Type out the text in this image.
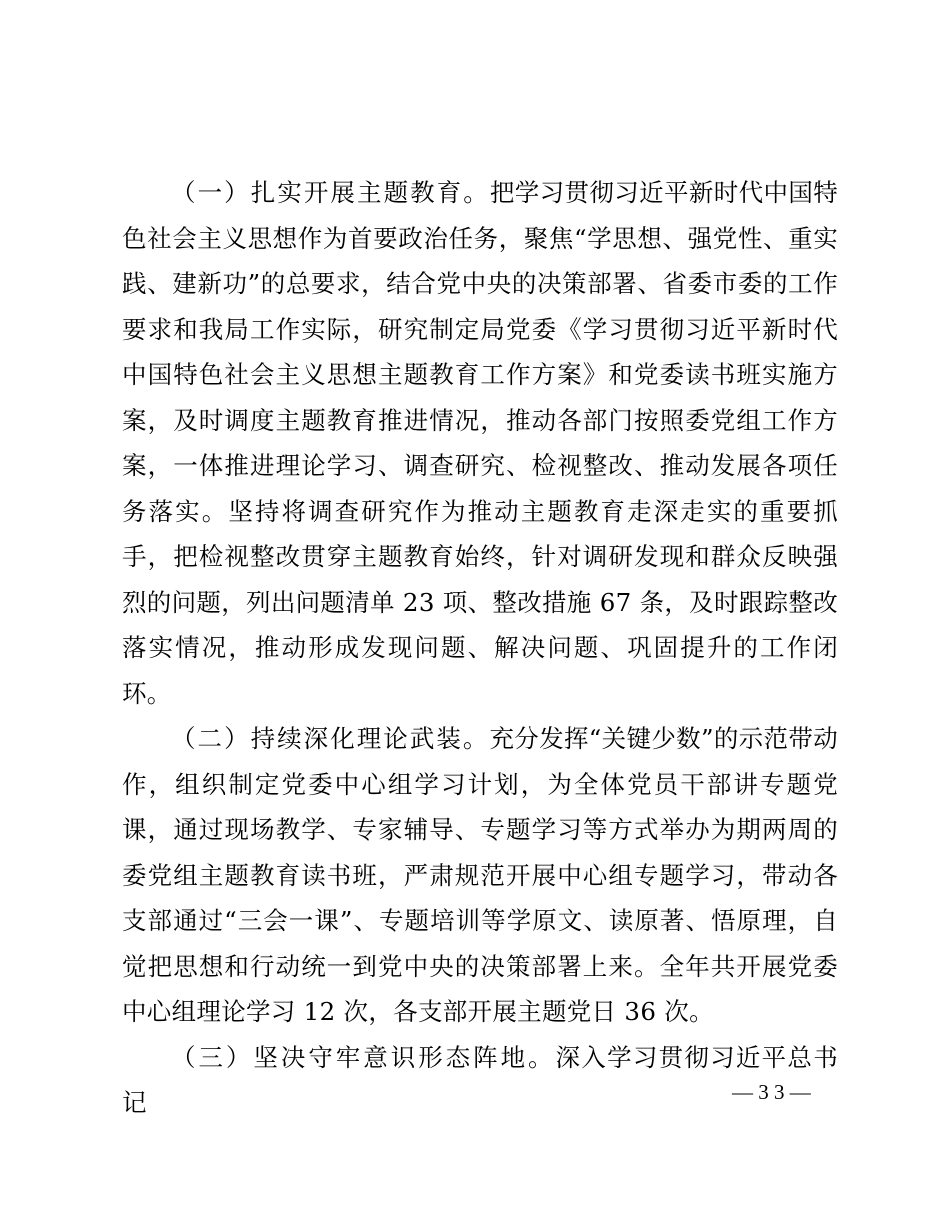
（一）扎实开展主题教育。把学习贯彻习近平新时代中国特色社会主义思想作为首要政治任务，聚焦“学思想、强党性、重实践、建新功”的总要求，结合党中央的决策部署、省委市委的工作要求和我局工作实际，研究制定局党委《学习贯彻习近平新时代中国特色社会主义思想主题教育工作方案》和党委读书班实施方案，及时调度主题教育推进情况，推动各部门按照委党组工作方案，一体推进理论学习、调查研究、检视整改、推动发展各项任务落实。坚持将调查研究作为推动主题教育走深走实的重要抓手，把检视整改贯穿主题教育始终，针对调研发现和群众反映强烈的问题，列出问题清单 23 项、整改措施 67 条，及时跟踪整改落实情况，推动形成发现问题、解决问题、巩固提升的工作闭环。

（二）持续深化理论武装。充分发挥“关键少数”的示范带动作，组织制定党委中心组学习计划，为全体党员干部讲专题党课，通过现场教学、专家辅导、专题学习等方式举办为期两周的委党组主题教育读书班，严肃规范开展中心组专题学习，带动各支部通过“三会一课”、专题培训等学原文、读原著、悟原理，自觉把思想和行动统一到党中央的决策部署上来。全年共开展党委中心组理论学习 12 次，各支部开展主题党日 36 次。

（三）坚决守牢意识形态阵地。深入学习贯彻习近平总书记	— 3 3 —
